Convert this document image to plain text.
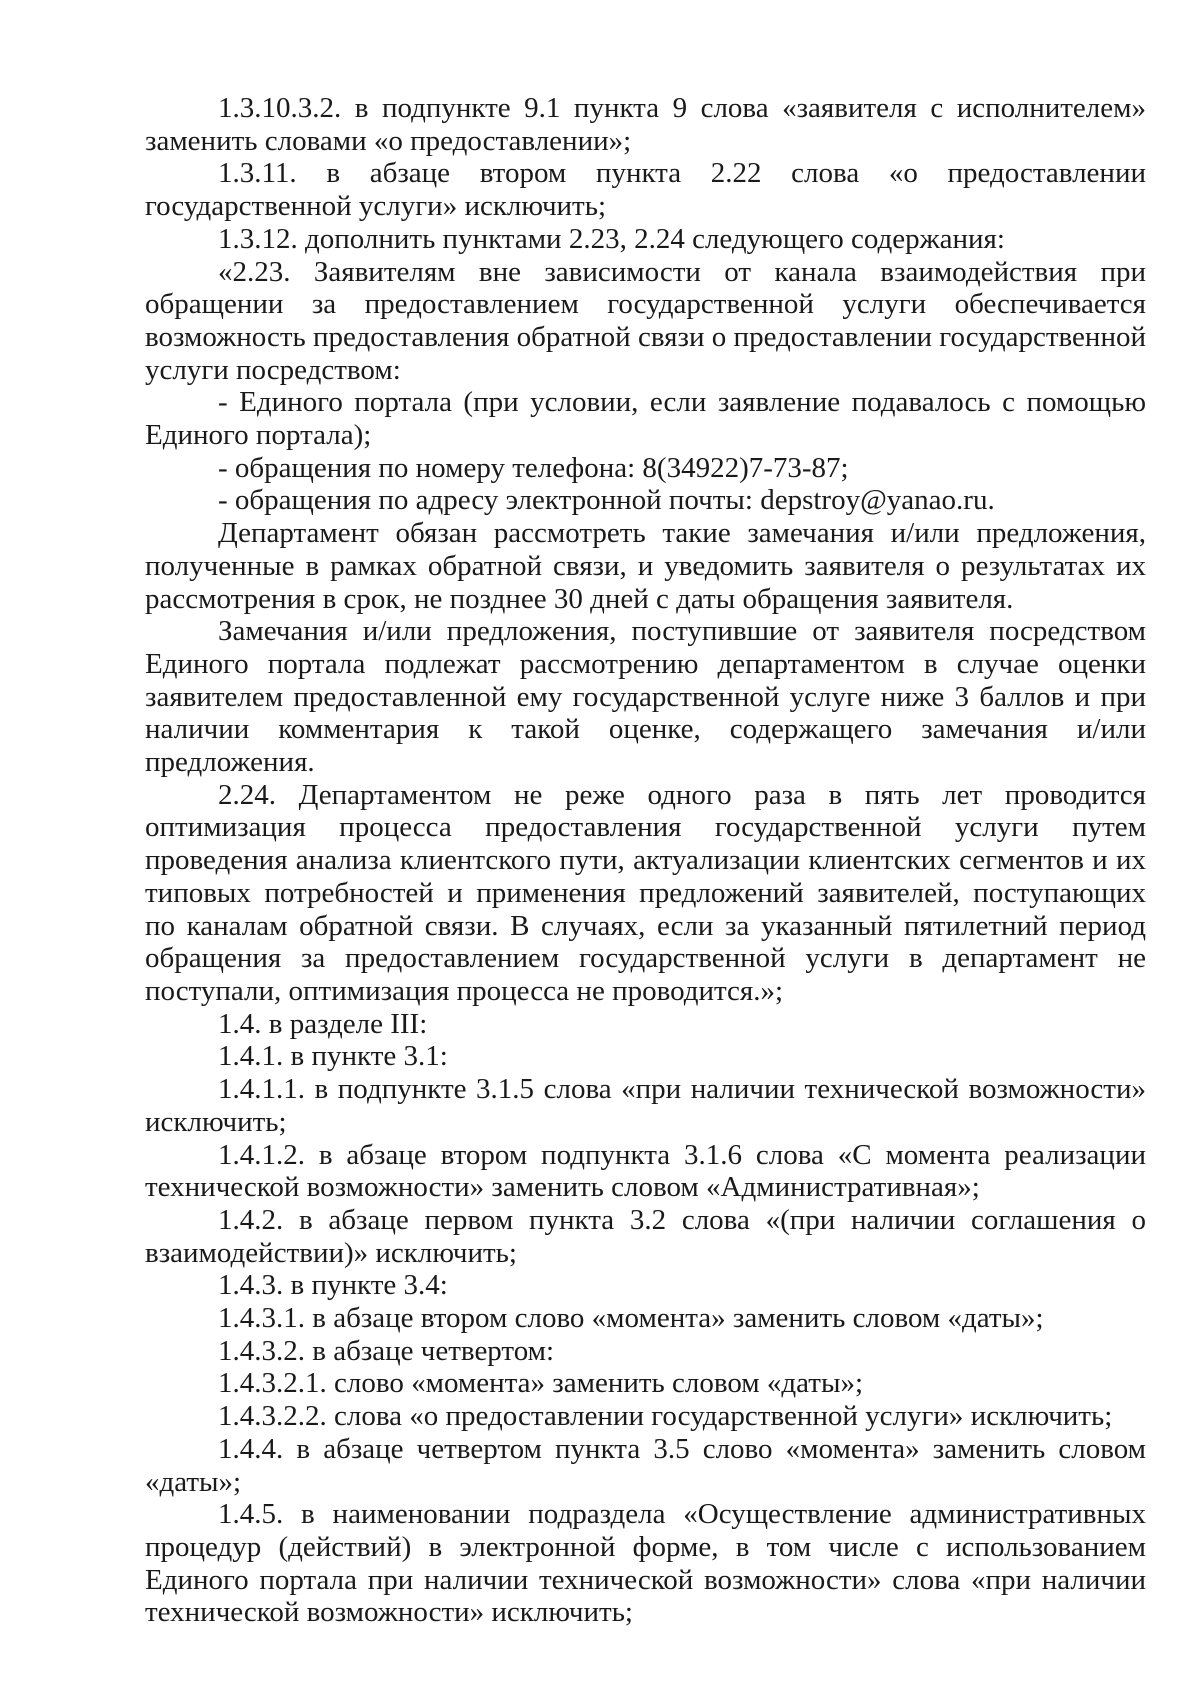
1.3.10.3.2. в подпункте 9.1 пункта 9 слова «заявителя с исполнителем» заменить словами «о предоставлении»;

1.3.11. в абзаце втором пункта 2.22 слова «о предоставлении государственной услуги» исключить;

1.3.12. дополнить пунктами 2.23, 2.24 следующего содержания:

«2.23. Заявителям вне зависимости от канала взаимодействия при обращении за предоставлением государственной услуги обеспечивается возможность предоставления обратной связи о предоставлении государственной услуги посредством:

- Единого портала (при условии, если заявление подавалось с помощью Единого портала);

- обращения по номеру телефона: 8(34922)7-73-87;

- обращения по адресу электронной почты: depstroy@yanao.ru.

Департамент обязан рассмотреть такие замечания и/или предложения, полученные в рамках обратной связи, и уведомить заявителя о результатах их рассмотрения в срок, не позднее 30 дней с даты обращения заявителя.

Замечания и/или предложения, поступившие от заявителя посредством Единого портала подлежат рассмотрению департаментом в случае оценки заявителем предоставленной ему государственной услуге ниже 3 баллов и при наличии комментария к такой оценке, содержащего замечания и/или предложения.

2.24. Департаментом не реже одного раза в пять лет проводится оптимизация процесса предоставления государственной услуги путем проведения анализа клиентского пути, актуализации клиентских сегментов и их типовых потребностей и применения предложений заявителей, поступающих по каналам обратной связи. В случаях, если за указанный пятилетний период обращения за предоставлением государственной услуги в департамент не поступали, оптимизация процесса не проводится.»;

1.4. в разделе III:

1.4.1. в пункте 3.1:

1.4.1.1. в подпункте 3.1.5 слова «при наличии технической возможности» исключить;

1.4.1.2. в абзаце втором подпункта 3.1.6 слова «С момента реализации технической возможности» заменить словом «Административная»;

1.4.2. в абзаце первом пункта 3.2 слова «(при наличии соглашения о взаимодействии)» исключить;

1.4.3. в пункте 3.4:

1.4.3.1. в абзаце втором слово «момента» заменить словом «даты»;

1.4.3.2. в абзаце четвертом:

1.4.3.2.1. слово «момента» заменить словом «даты»;

1.4.3.2.2. слова «о предоставлении государственной услуги» исключить;

1.4.4. в абзаце четвертом пункта 3.5 слово «момента» заменить словом «даты»;

1.4.5. в наименовании подраздела «Осуществление административных процедур (действий) в электронной форме, в том числе с использованием Единого портала при наличии технической возможности» слова «при наличии технической возможности» исключить;
